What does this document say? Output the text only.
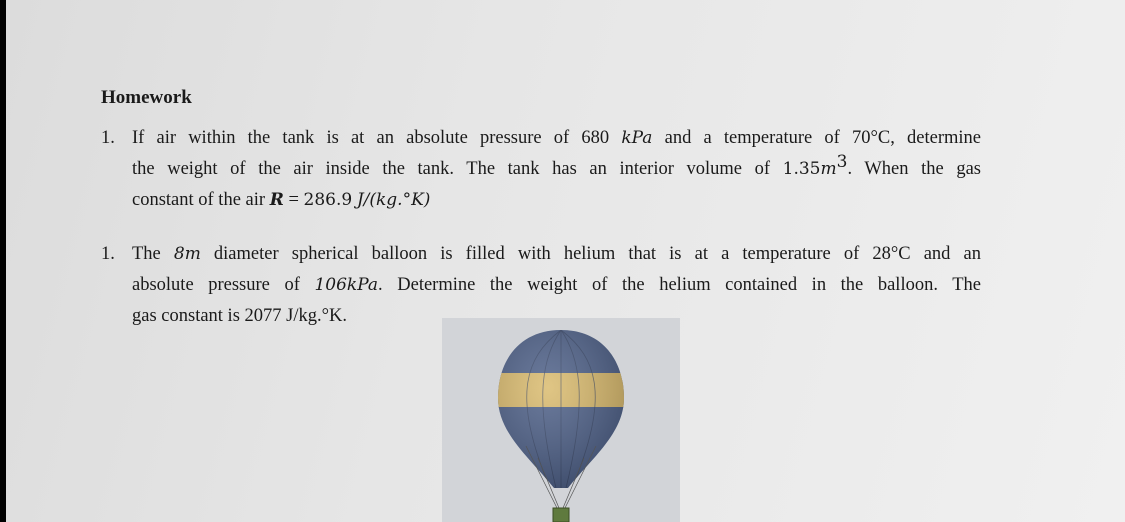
Homework
1. If air within the tank is at an absolute pressure of 680 kPa and a temperature of 70°C, determine
the weight of the air inside the tank. The tank has an interior volume of $1.35m^3$. When the gas
constant of the air R = 286.9 J/(kg.°K)
1. The 8m diameter spherical balloon is filled with helium that is at a temperature of 28°C and an
absolute pressure of 106kPa. Determine the weight of the helium contained in the balloon. The
gas constant is 2077 J/kg.°K.
